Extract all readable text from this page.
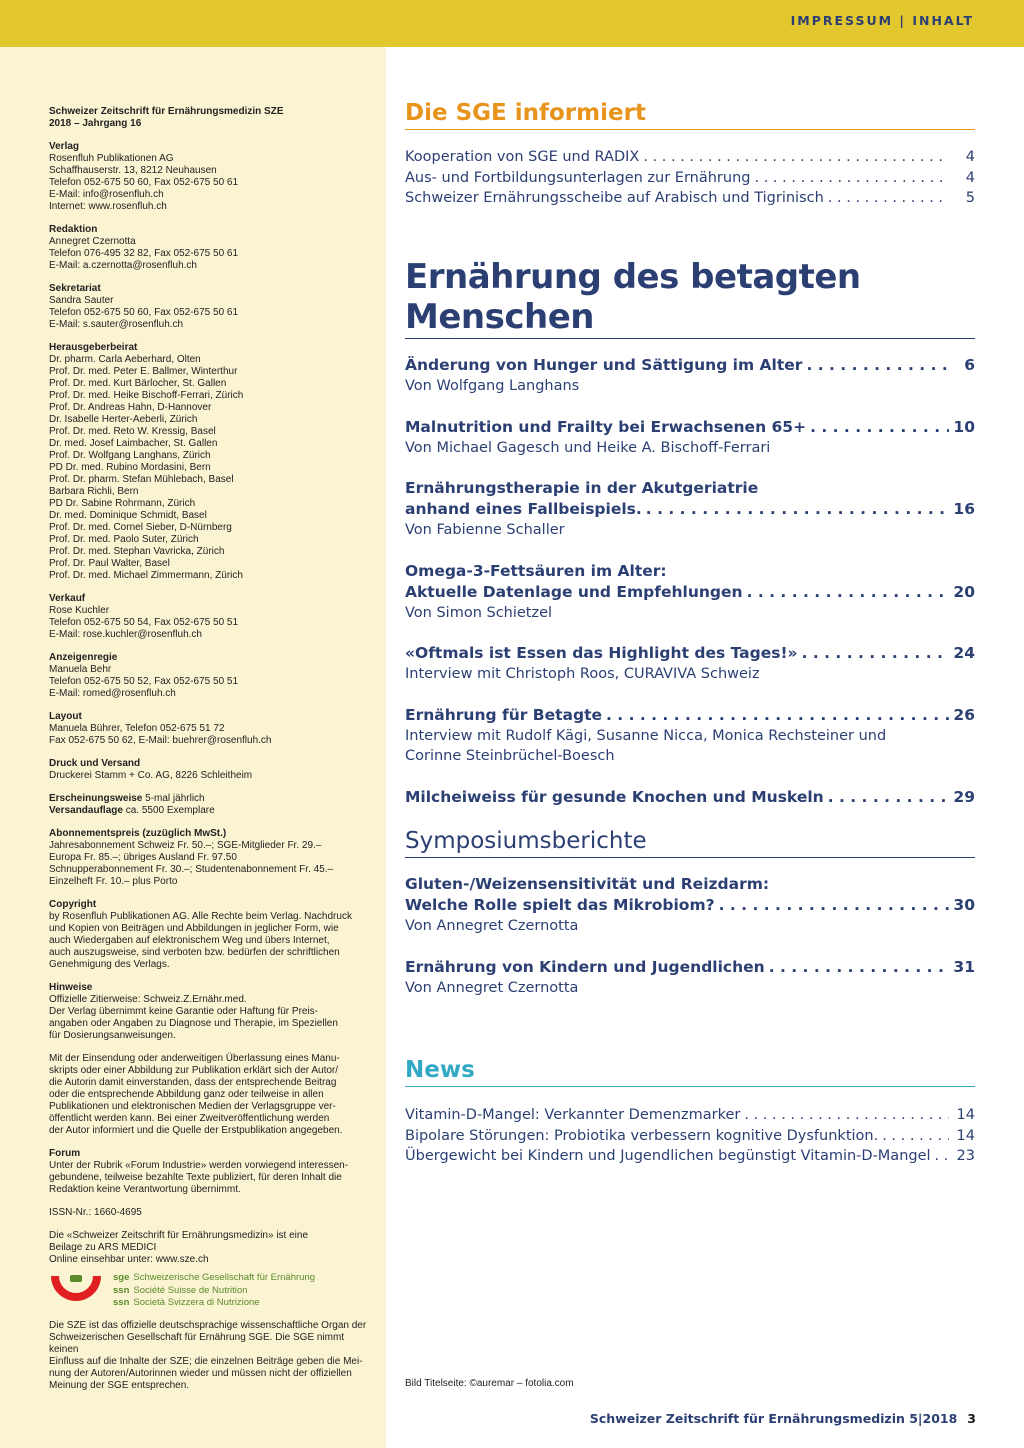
IMPRESSUM | INHALT
Schweizer Zeitschrift für Ernährungsmedizin SZE
2018 – Jahrgang 16
Verlag
Rosenfluh Publikationen AG
Schaffhauserstr. 13, 8212 Neuhausen
Telefon 052-675 50 60, Fax 052-675 50 61
E-Mail: info@rosenfluh.ch
Internet: www.rosenfluh.ch
Redaktion
Annegret Czernotta
Telefon 076-495 32 82, Fax 052-675 50 61
E-Mail: a.czernotta@rosenfluh.ch
Sekretariat
Sandra Sauter
Telefon 052-675 50 60, Fax 052-675 50 61
E-Mail: s.sauter@rosenfluh.ch
Herausgeberbeirat
Dr. pharm. Carla Aeberhard, Olten
Prof. Dr. med. Peter E. Ballmer, Winterthur
Prof. Dr. med. Kurt Bärlocher, St. Gallen
Prof. Dr. med. Heike Bischoff-Ferrari, Zürich
Prof. Dr. Andreas Hahn, D-Hannover
Dr. Isabelle Herter-Aeberli, Zürich
Prof. Dr. med. Reto W. Kressig, Basel
Dr. med. Josef Laimbacher, St. Gallen
Prof. Dr. Wolfgang Langhans, Zürich
PD Dr. med. Rubino Mordasini, Bern
Prof. Dr. pharm. Stefan Mühlebach, Basel
Barbara Richli, Bern
PD Dr. Sabine Rohrmann, Zürich
Dr. med. Dominique Schmidt, Basel
Prof. Dr. med. Cornel Sieber, D-Nürnberg
Prof. Dr. med. Paolo Suter, Zürich
Prof. Dr. med. Stephan Vavricka, Zürich
Prof. Dr. Paul Walter, Basel
Prof. Dr. med. Michael Zimmermann, Zürich
Verkauf
Rose Kuchler
Telefon 052-675 50 54, Fax 052-675 50 51
E-Mail: rose.kuchler@rosenfluh.ch
Anzeigenregie
Manuela Behr
Telefon 052-675 50 52, Fax 052-675 50 51
E-Mail: romed@rosenfluh.ch
Layout
Manuela Bührer, Telefon 052-675 51 72
Fax 052-675 50 62, E-Mail: buehrer@rosenfluh.ch
Druck und Versand
Druckerei Stamm + Co. AG, 8226 Schleitheim
Erscheinungsweise 5-mal jährlich
Versandauflage ca. 5500 Exemplare
Abonnementspreis (zuzüglich MwSt.)
Jahresabonnement Schweiz Fr. 50.–; SGE-Mitglieder Fr. 29.–
Europa Fr. 85.–; übriges Ausland Fr. 97.50
Schnupperabonnement Fr. 30.–; Studentenabonnement Fr. 45.–
Einzelheft Fr. 10.– plus Porto
Copyright
by Rosenfluh Publikationen AG. Alle Rechte beim Verlag. Nachdruck
und Kopien von Beiträgen und Abbildungen in jeglicher Form, wie
auch Wiedergaben auf elektronischem Weg und übers Internet,
auch auszugsweise, sind verboten bzw. bedürfen der schriftlichen
Genehmigung des Verlags.
Hinweise
Offizielle Zitierweise: Schweiz.Z.Ernähr.med.
Der Verlag übernimmt keine Garantie oder Haftung für Preis-
angaben oder Angaben zu Diagnose und Therapie, im Speziellen
für Dosierungsanweisungen.
Mit der Einsendung oder anderweitigen Überlassung eines Manu-
skripts oder einer Abbildung zur Publikation erklärt sich der Autor/
die Autorin damit einverstanden, dass der entsprechende Beitrag
oder die entsprechende Abbildung ganz oder teilweise in allen
Publikationen und elektronischen Medien der Verlagsgruppe ver-
öffentlicht werden kann. Bei einer Zweitveröffentlichung werden
der Autor informiert und die Quelle der Erstpublikation angegeben.
Forum
Unter der Rubrik «Forum Industrie» werden vorwiegend interessen-
gebundene, teilweise bezahlte Texte publiziert, für deren Inhalt die
Redaktion keine Verantwortung übernimmt.
ISSN-Nr.: 1660-4695
Die «Schweizer Zeitschrift für Ernährungsmedizin» ist eine
Beilage zu ARS MEDICI
Online einsehbar unter: www.sze.ch
sge Schweizerische Gesellschaft für Ernährung
ssn Société Suisse de Nutrition
ssn Società Svizzera di Nutrizione
Die SZE ist das offizielle deutschsprachige wissenschaftliche Organ der
Schweizerischen Gesellschaft für Ernährung SGE. Die SGE nimmt keinen
Einfluss auf die Inhalte der SZE; die einzelnen Beiträge geben die Mei-
nung der Autoren/Autorinnen wieder und müssen nicht der offiziellen
Meinung der SGE entsprechen.
Die SGE informiert
Kooperation von SGE und RADIX . . .	4
Aus- und Fortbildungsunterlagen zur Ernährung . . .	4
Schweizer Ernährungsscheibe auf Arabisch und Tigrinisch . . .	5
Ernährung des betagten Menschen
Änderung von Hunger und Sättigung im Alter . . .	6
Von Wolfgang Langhans
Malnutrition und Frailty bei Erwachsenen 65+ . . .	10
Von Michael Gagesch und Heike A. Bischoff-Ferrari
Ernährungstherapie in der Akutgeriatrie
anhand eines Fallbeispiels. . . .	16
Von Fabienne Schaller
Omega-3-Fettsäuren im Alter:
Aktuelle Datenlage und Empfehlungen . . .	20
Von Simon Schietzel
«Oftmals ist Essen das Highlight des Tages!» . . .	24
Interview mit Christoph Roos, CURAVIVA Schweiz
Ernährung für Betagte . . .	26
Interview mit Rudolf Kägi, Susanne Nicca, Monica Rechsteiner und
Corinne Steinbrüchel-Boesch
Milcheiweiss für gesunde Knochen und Muskeln . . .	29
Symposiumsberichte
Gluten-/Weizensensitivität und Reizdarm:
Welche Rolle spielt das Mikrobiom? . . .	30
Von Annegret Czernotta
Ernährung von Kindern und Jugendlichen . . .	31
Von Annegret Czernotta
News
Vitamin-D-Mangel: Verkannter Demenzmarker . . .	14
Bipolare Störungen: Probiotika verbessern kognitive Dysfunktion. . . .	14
Übergewicht bei Kindern und Jugendlichen begünstigt Vitamin-D-Mangel . . . 23
Bild Titelseite: ©auremar – fotolia.com
Schweizer Zeitschrift für Ernährungsmedizin 5|2018 3
